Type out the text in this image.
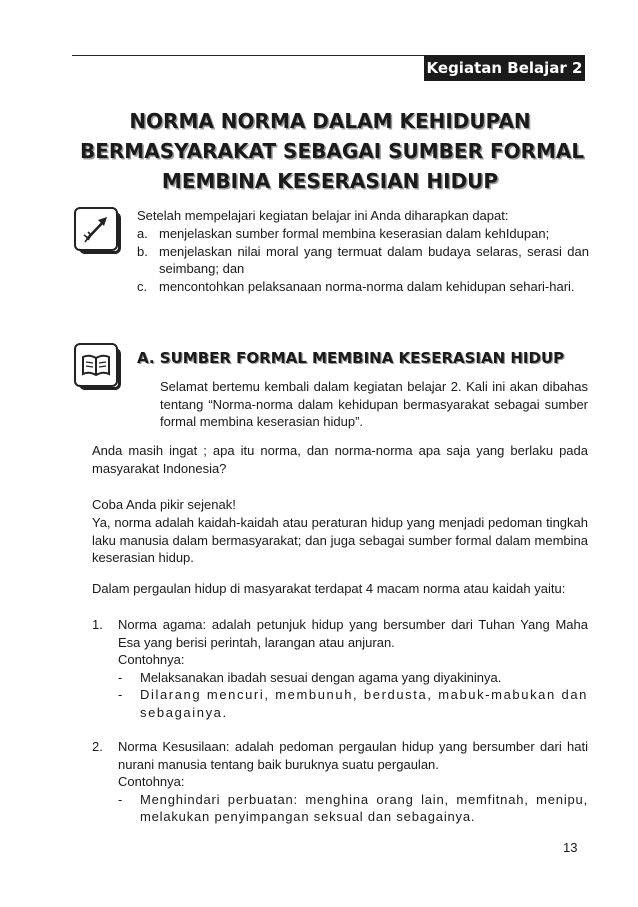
Kegiatan Belajar 2
NORMA NORMA DALAM KEHIDUPAN
BERMASYARAKAT SEBAGAI SUMBER FORMAL
MEMBINA KESERASIAN HIDUP
Setelah mempelajari kegiatan belajar ini Anda diharapkan dapat:
a. menjelaskan sumber formal membina keserasian dalam kehIdupan;
b. menjelaskan nilai moral yang termuat dalam budaya selaras, serasi dan seimbang; dan
c. mencontohkan pelaksanaan norma-norma dalam kehidupan sehari-hari.
A. SUMBER FORMAL MEMBINA KESERASIAN HIDUP
Selamat bertemu kembali dalam kegiatan belajar 2. Kali ini akan dibahas tentang “Norma-norma dalam kehidupan bermasyarakat sebagai sumber formal membina keserasian hidup”.
Anda masih ingat ; apa itu norma, dan norma-norma apa saja yang berlaku pada masyarakat Indonesia?
Coba Anda pikir sejenak!
Ya, norma adalah kaidah-kaidah atau peraturan hidup yang menjadi pedoman tingkah laku manusia dalam bermasyarakat; dan juga sebagai sumber formal dalam membina keserasian hidup.
Dalam pergaulan hidup di masyarakat terdapat 4 macam norma atau kaidah yaitu:
1. Norma agama: adalah petunjuk hidup yang bersumber dari Tuhan Yang Maha Esa yang berisi perintah, larangan atau anjuran.
Contohnya:
- Melaksanakan ibadah sesuai dengan agama yang diyakininya.
- Dilarang mencuri, membunuh, berdusta, mabuk-mabukan dan sebagainya.
2. Norma Kesusilaan: adalah pedoman pergaulan hidup yang bersumber dari hati nurani manusia tentang baik buruknya suatu pergaulan.
Contohnya:
- Menghindari perbuatan: menghina orang lain, memfitnah, menipu, melakukan penyimpangan seksual dan sebagainya.
13
